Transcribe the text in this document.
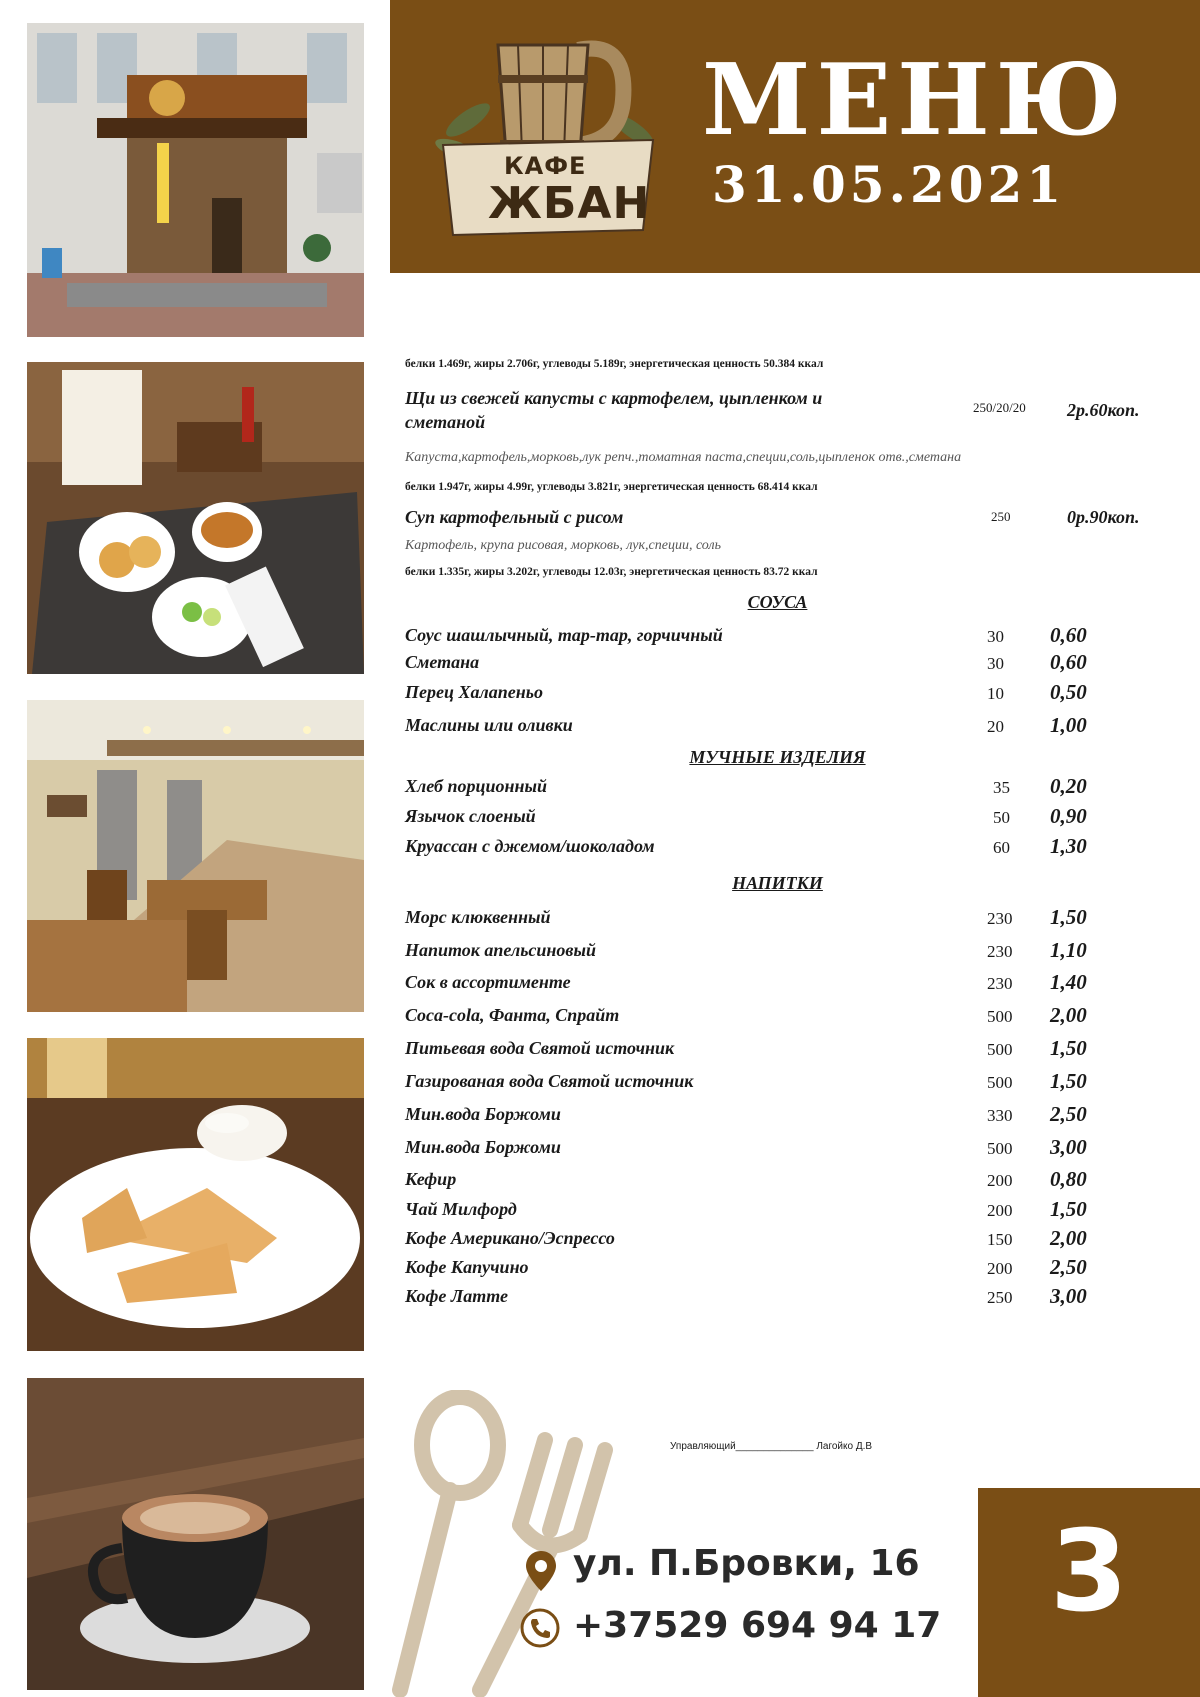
КАФЕ
ЖБАН
МЕНЮ
31.05.2021
белки 1.469г, жиры 2.706г, углеводы 5.189г, энергетическая ценность 50.384 ккал
Щи из свежей капусты с картофелем, цыпленком и
сметаной
250/20/20 2р.60коп.
Капуста,картофель,морковь,лук репч.,томатная паста,специи,соль,цыпленок отв.,сметана
белки 1.947г, жиры 4.99г, углеводы 3.821г, энергетическая ценность 68.414 ккал
Суп картофельный с рисом	250	0р.90коп.
Картофель, крупа рисовая, морковь, лук,специи, соль
белки 1.335г, жиры 3.202г, углеводы 12.03г, энергетическая ценность 83.72 ккал
СОУСА
Соус шашлычный, тар-тар, горчичный	30 0,60
Сметана	30 0,60
Перец Халапеньо	10 0,50
Маслины или оливки	20 1,00
МУЧНЫЕ ИЗДЕЛИЯ
Хлеб порционный	35 0,20
Язычок слоеный	50 0,90
Круассан с джемом/шоколадом	60 1,30
НАПИТКИ
Морс клюквенный	230 1,50
Напиток апельсиновый	230 1,10
Сок в ассортименте	230 1,40
Coca-cola, Фанта, Спрайт	500 2,00
Питьевая вода Святой источник	500 1,50
Газированая вода Святой источник	500 1,50
Мин.вода Боржоми	330 2,50
Мин.вода Боржоми	500 3,00
Кефир	200 0,80
Чай Милфорд	200 1,50
Кофе Американо/Эспрессо	150 2,00
Кофе Капучино	200 2,50
Кофе Латте	250 3,00
Управляющий______________ Лагойко Д.В
ул. П.Бровки, 16
+37529 694 94 17 3
